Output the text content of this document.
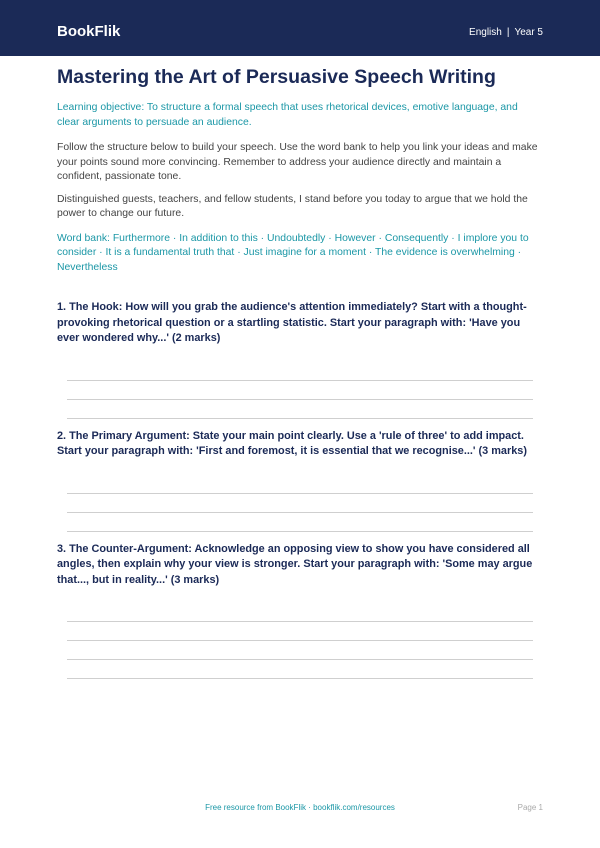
BookFlik	English | Year 5
Mastering the Art of Persuasive Speech Writing

Learning objective: To structure a formal speech that uses rhetorical devices, emotive language, and clear arguments to persuade an audience.

Follow the structure below to build your speech. Use the word bank to help you link your ideas and make your points sound more convincing. Remember to address your audience directly and maintain a confident, passionate tone.

Distinguished guests, teachers, and fellow students, I stand before you today to argue that we hold the power to change our future.

Word bank: Furthermore · In addition to this · Undoubtedly · However · Consequently · I implore you to consider · It is a fundamental truth that · Just imagine for a moment · The evidence is overwhelming · Nevertheless

1. The Hook: How will you grab the audience's attention immediately? Start with a thought-provoking rhetorical question or a startling statistic. Start your paragraph with: 'Have you ever wondered why...' (2 marks)

2. The Primary Argument: State your main point clearly. Use a 'rule of three' to add impact. Start your paragraph with: 'First and foremost, it is essential that we recognise...' (3 marks)

3. The Counter-Argument: Acknowledge an opposing view to show you have considered all angles, then explain why your view is stronger. Start your paragraph with: 'Some may argue that..., but in reality...' (3 marks)

Free resource from BookFlik · bookflik.com/resources	Page 1
